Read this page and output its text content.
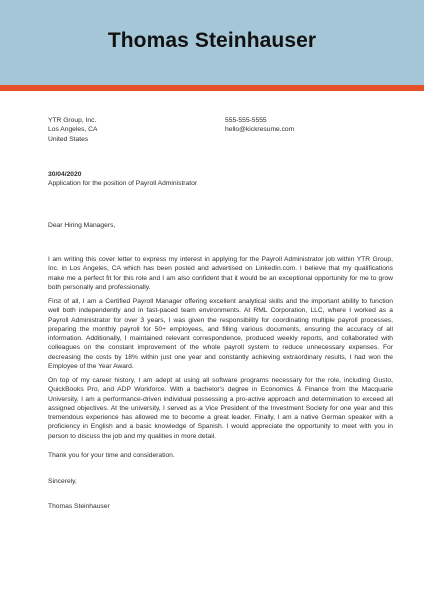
Thomas Steinhauser
YTR Group, Inc.
Los Angeles, CA
United States
555-555-5555
hello@kickresume.com
30/04/2020
Application for the position of Payroll Administrator
Dear Hiring Managers,
I am writing this cover letter to express my interest in applying for the Payroll Administrator job within YTR Group, Inc. in Los Angeles, CA which has been posted and advertised on LinkedIn.com. I believe that my qualifications make me a perfect fit for this role and I am also confident that it would be an exceptional opportunity for me to grow both personally and professionally.
First of all, I am a Certified Payroll Manager offering excellent analytical skills and the important ability to function well both independently and in fast-paced team environments. At RML Corporation, LLC, where I worked as a Payroll Administrator for over 3 years, I was given the responsibility for coordinating multiple payroll processes, preparing the monthly payroll for 50+ employees, and filling various documents, ensuring the accuracy of all information. Additionally, I maintained relevant correspondence, produced weekly reports, and collaborated with colleagues on the constant improvement of the whole payroll system to reduce unnecessary expenses. For decreasing the costs by 18% within just one year and constantly achieving extraordinary results, I had won the Employee of the Year Award.
On top of my career history, I am adept at using all software programs necessary for the role, including Gusto, QuickBooks Pro, and ADP Workforce. With a bachelor's degree in Economics & Finance from the Macquarie University, I am a performance-driven individual possessing a pro-active approach and determination to exceed all assigned objectives. At the university, I served as a Vice President of the Investment Society for one year and this tremendous experience has allowed me to become a great leader. Finally, I am a native German speaker with a proficiency in English and a basic knowledge of Spanish. I would appreciate the opportunity to meet with you in person to discuss the job and my qualities in more detail.
Thank you for your time and consideration.
Sincerely,
Thomas Steinhauser
